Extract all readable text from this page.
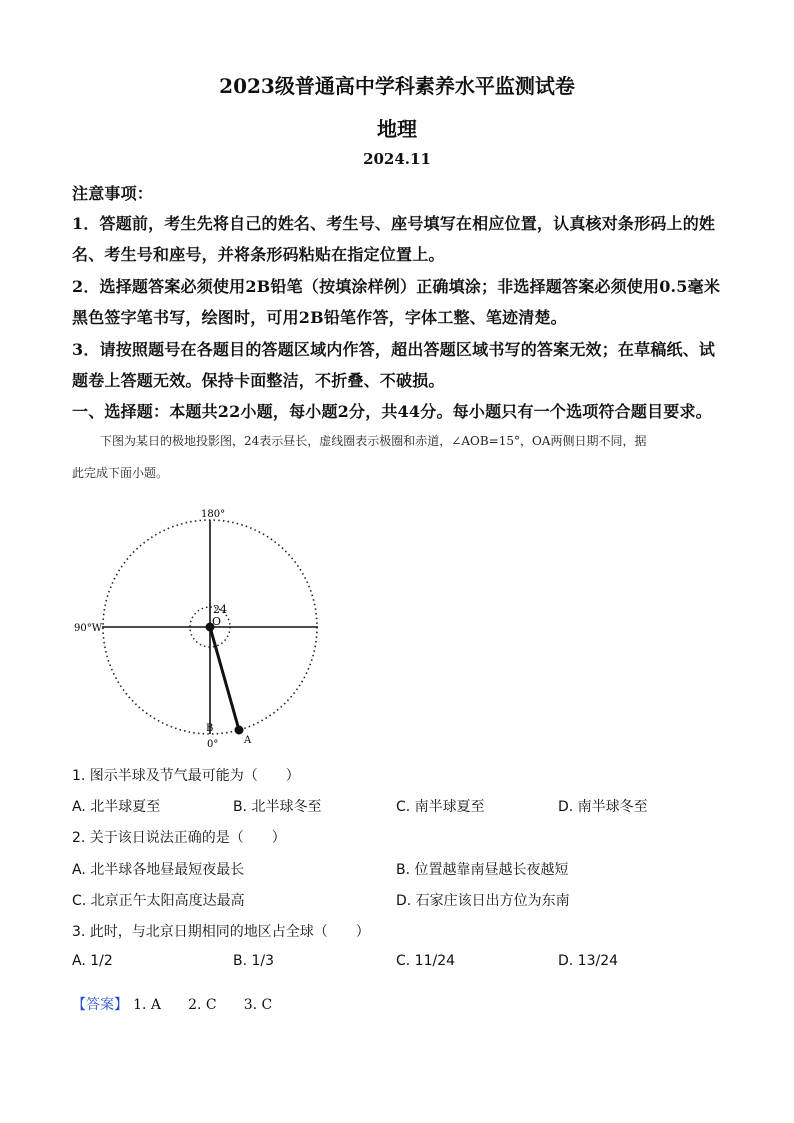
2023级普通高中学科素养水平监测试卷
地理
2024.11
注意事项：
1．答题前，考生先将自己的姓名、考生号、座号填写在相应位置，认真核对条形码上的姓
名、考生号和座号，并将条形码粘贴在指定位置上。
2．选择题答案必须使用2B铅笔（按填涂样例）正确填涂；非选择题答案必须使用0.5毫米
黑色签字笔书写，绘图时，可用2B铅笔作答，字体工整、笔迹清楚。
3．请按照题号在各题目的答题区域内作答，超出答题区域书写的答案无效；在草稿纸、试
题卷上答题无效。保持卡面整洁，不折叠、不破损。
一、选择题：本题共22小题，每小题2分，共44分。每小题只有一个选项符合题目要求。
下图为某日的极地投影图，24表示昼长，虚线圈表示极圈和赤道，∠AOB=15°，OA两侧日期不同，据
此完成下面小题。
180°
90°W
0°
24
O
B
A
1. 图示半球及节气最可能为（　　）
A. 北半球夏至	B. 北半球冬至	C. 南半球夏至	D. 南半球冬至
2. 关于该日说法正确的是（　　）
A. 北半球各地昼最短夜最长	B. 位置越靠南昼越长夜越短
C. 北京正午太阳高度达最高	D. 石家庄该日出方位为东南
3. 此时，与北京日期相同的地区占全球（　　）
A. 1/2	B. 1/3	C. 11/24	D. 13/24
【答案】 1. A 2. C 3. C
